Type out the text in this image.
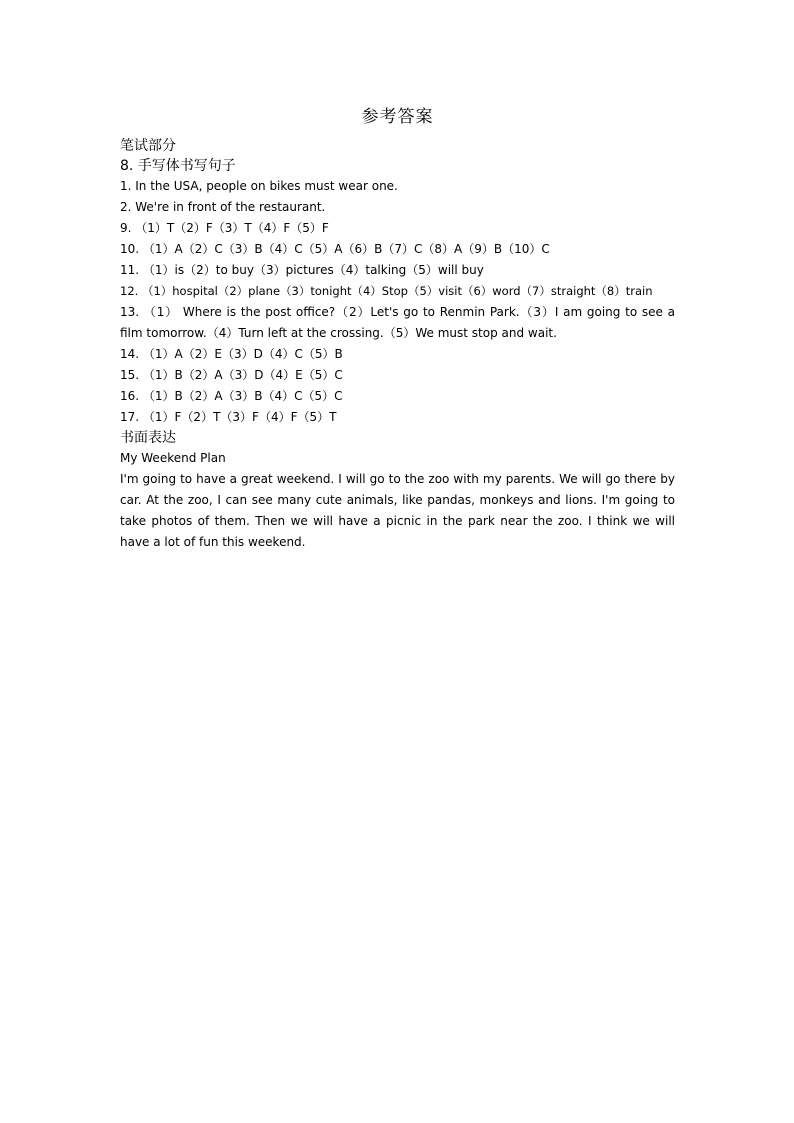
参考答案
笔试部分
8. 手写体书写句子
1. In the USA, people on bikes must wear one.
2. We're in front of the restaurant.
9. （1）T（2）F（3）T（4）F（5）F
10. （1）A（2）C（3）B（4）C（5）A（6）B（7）C（8）A（9）B（10）C
11. （1）is（2）to buy（3）pictures（4）talking（5）will buy
12. （1）hospital（2）plane（3）tonight（4）Stop（5）visit（6）word（7）straight（8）train
13. （1） Where is the post office?（2）Let's go to Renmin Park.（3）I am going to see a film tomorrow.（4）Turn left at the crossing.（5）We must stop and wait.
14. （1）A（2）E（3）D（4）C（5）B
15. （1）B（2）A（3）D（4）E（5）C
16. （1）B（2）A（3）B（4）C（5）C
17. （1）F（2）T（3）F（4）F（5）T
书面表达
My Weekend Plan
I'm going to have a great weekend. I will go to the zoo with my parents. We will go there by car. At the zoo, I can see many cute animals, like pandas, monkeys and lions. I'm going to take photos of them. Then we will have a picnic in the park near the zoo. I think we will have a lot of fun this weekend.
